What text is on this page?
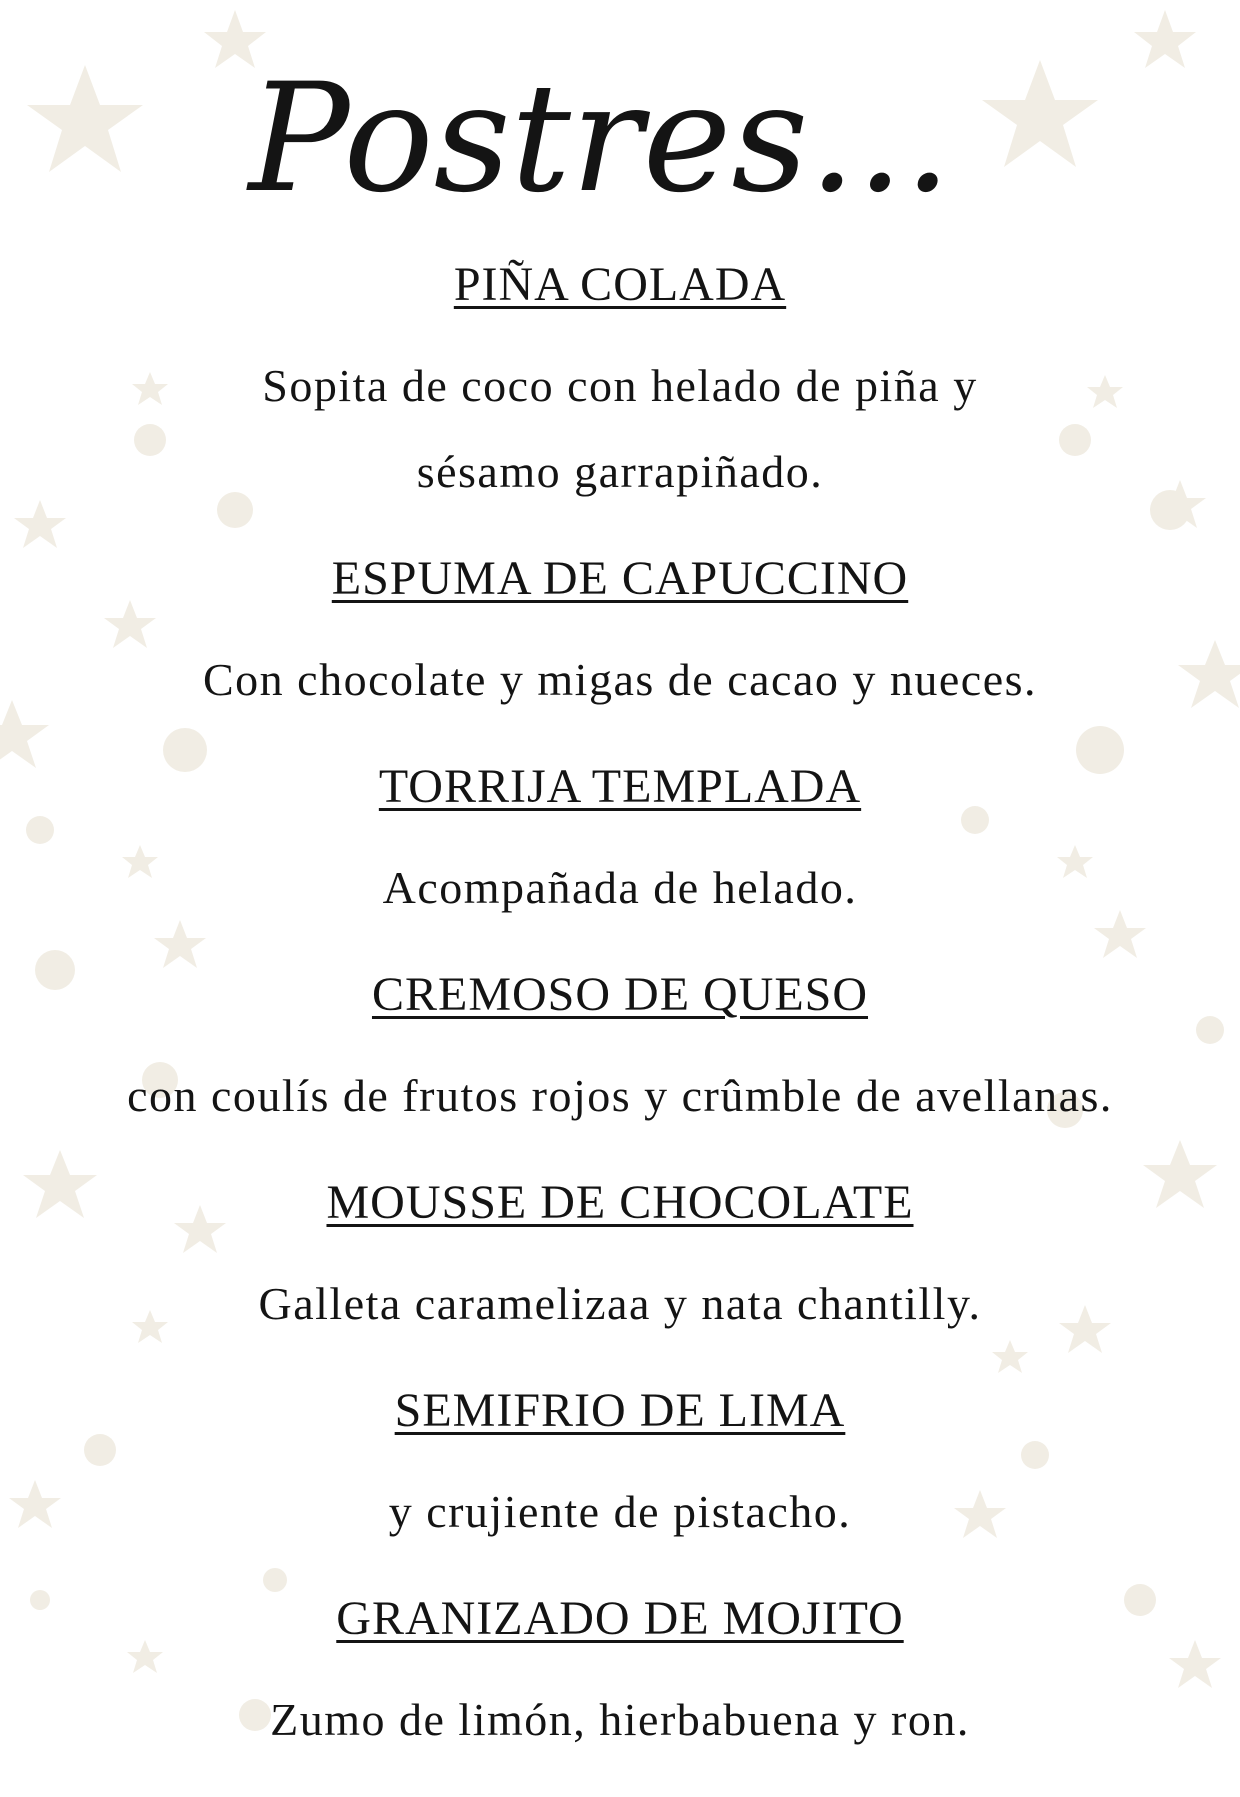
Postres...

PIÑA COLADA

Sopita de coco con helado de piña y

sésamo garrapiñado.

ESPUMA DE CAPUCCINO

Con chocolate y migas de cacao y nueces.

TORRIJA TEMPLADA

Acompañada de helado.

CREMOSO DE QUESO

con coulís de frutos rojos y crûmble de avellanas.

MOUSSE DE CHOCOLATE

Galleta caramelizaa y nata chantilly.

SEMIFRIO DE LIMA

y crujiente de pistacho.

GRANIZADO DE MOJITO

Zumo de limón, hierbabuena y ron.
